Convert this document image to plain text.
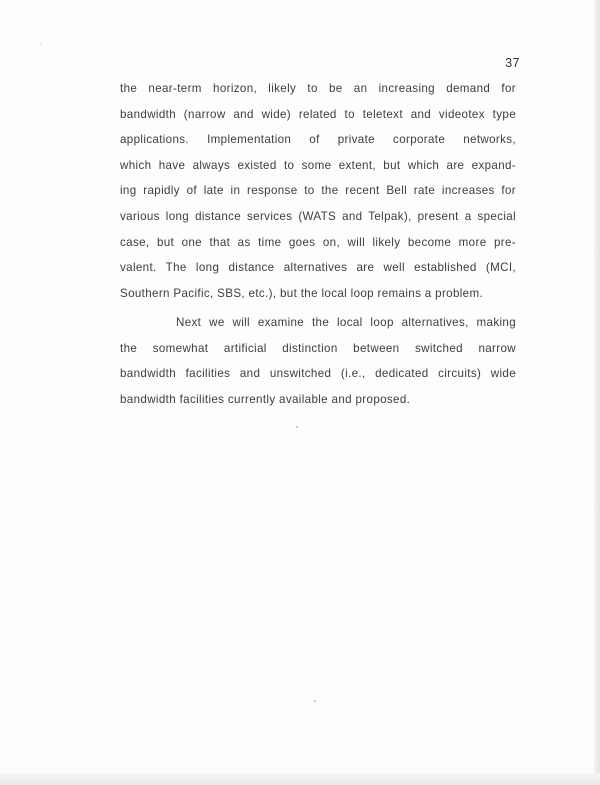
37
the near-term horizon, likely to be an increasing demand for
bandwidth (narrow and wide) related to teletext and videotex type
applications. Implementation of private corporate networks,
which have always existed to some extent, but which are expand-
ing rapidly of late in response to the recent Bell rate increases for
various long distance services (WATS and Telpak), present a special
case, but one that as time goes on, will likely become more pre-
valent. The long distance alternatives are well established (MCI,
Southern Pacific, SBS, etc.), but the local loop remains a problem.
Next we will examine the local loop alternatives, making
the somewhat artificial distinction between switched narrow
bandwidth facilities and unswitched (i.e., dedicated circuits) wide
bandwidth facilities currently available and proposed.
